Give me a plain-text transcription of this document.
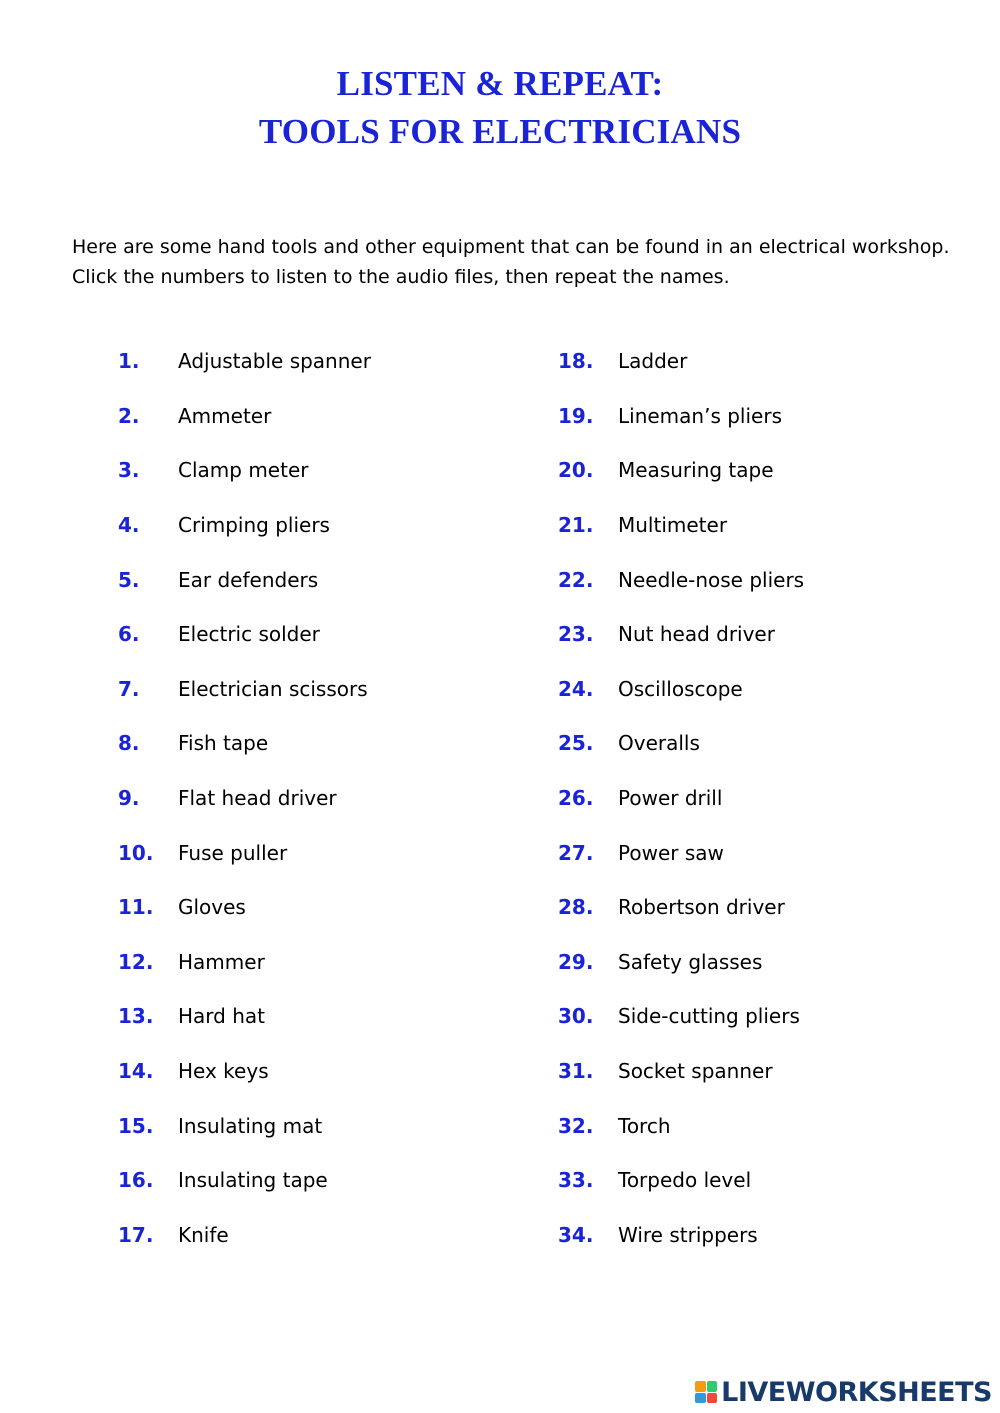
LISTEN & REPEAT:
TOOLS FOR ELECTRICIANS
Here are some hand tools and other equipment that can be found in an electrical workshop.
Click the numbers to listen to the audio files, then repeat the names.
1.	Adjustable spanner
2.	Ammeter
3.	Clamp meter
4.	Crimping pliers
5.	Ear defenders
6.	Electric solder
7.	Electrician scissors
8.	Fish tape
9.	Flat head driver
10.	Fuse puller
11.	Gloves
12.	Hammer
13.	Hard hat
14.	Hex keys
15.	Insulating mat
16.	Insulating tape
17.	Knife
18.	Ladder
19.	Lineman’s pliers
20.	Measuring tape
21.	Multimeter
22.	Needle-nose pliers
23.	Nut head driver
24.	Oscilloscope
25.	Overalls
26.	Power drill
27.	Power saw
28.	Robertson driver
29.	Safety glasses
30.	Side-cutting pliers
31.	Socket spanner
32.	Torch
33.	Torpedo level
34.	Wire strippers
LIVEWORKSHEETS
